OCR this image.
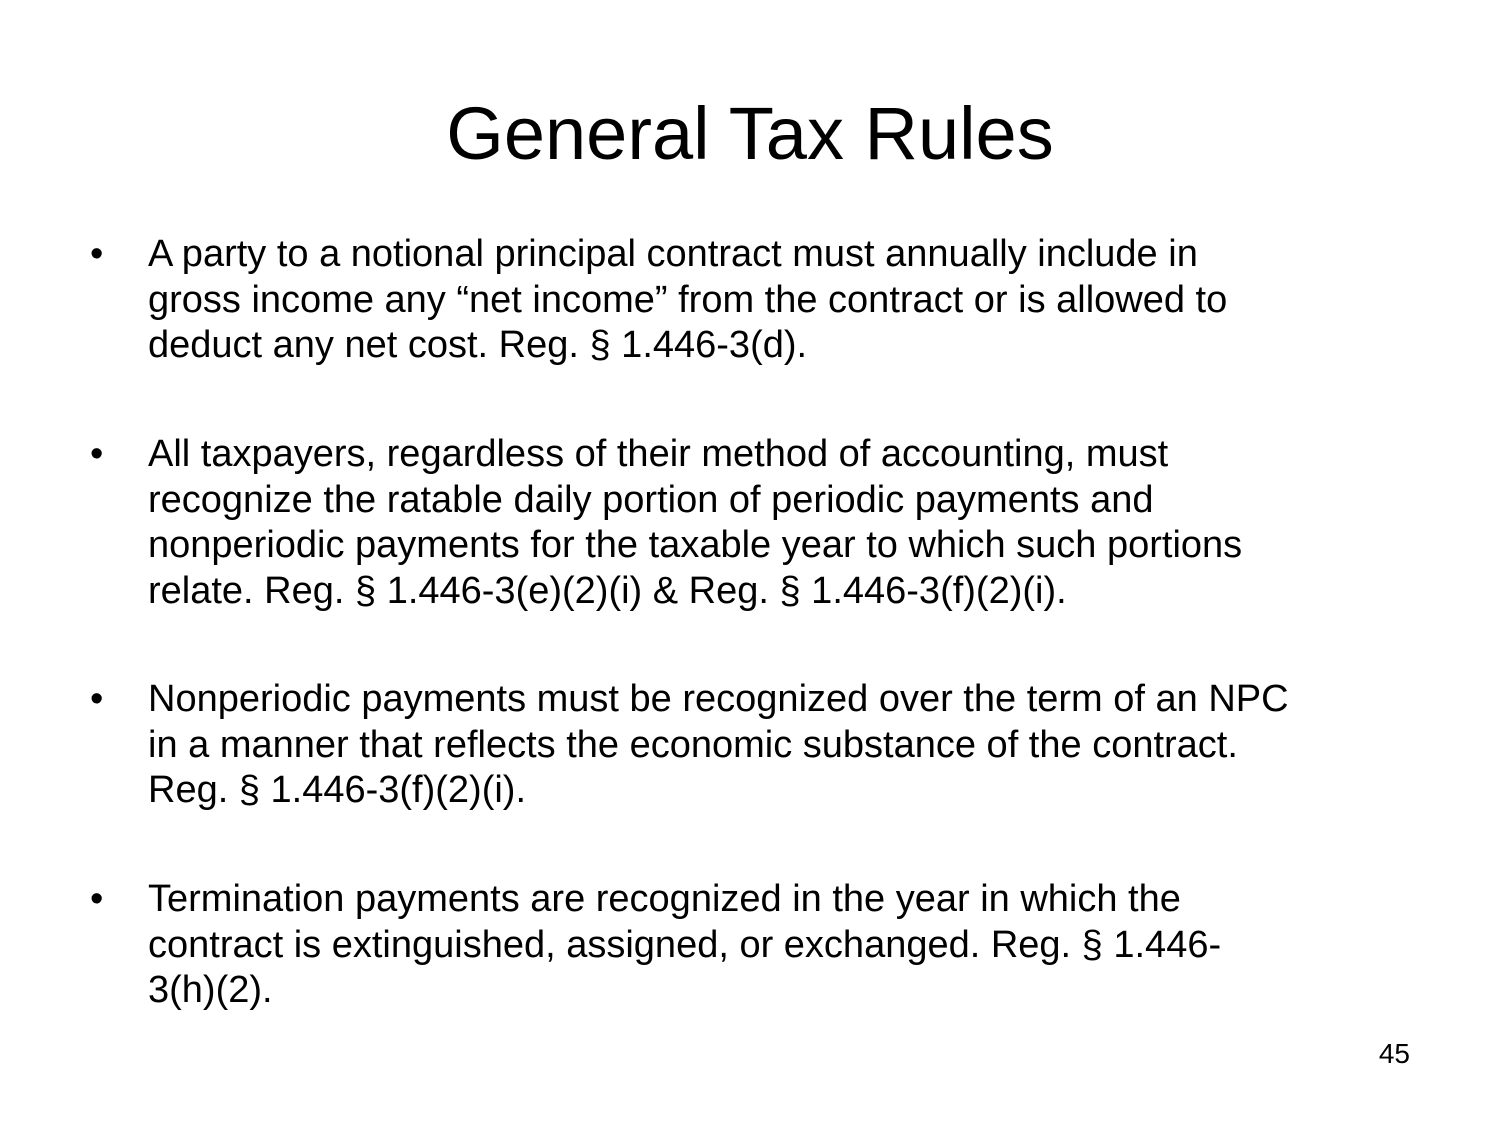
General Tax Rules
• A party to a notional principal contract must annually include in
gross income any “net income” from the contract or is allowed to
deduct any net cost. Reg. § 1.446-3(d).
• All taxpayers, regardless of their method of accounting, must
recognize the ratable daily portion of periodic payments and
nonperiodic payments for the taxable year to which such portions
relate. Reg. § 1.446-3(e)(2)(i) & Reg. § 1.446-3(f)(2)(i).
• Nonperiodic payments must be recognized over the term of an NPC
in a manner that reflects the economic substance of the contract.
Reg. § 1.446-3(f)(2)(i).
• Termination payments are recognized in the year in which the
contract is extinguished, assigned, or exchanged. Reg. § 1.446-
3(h)(2).
45
